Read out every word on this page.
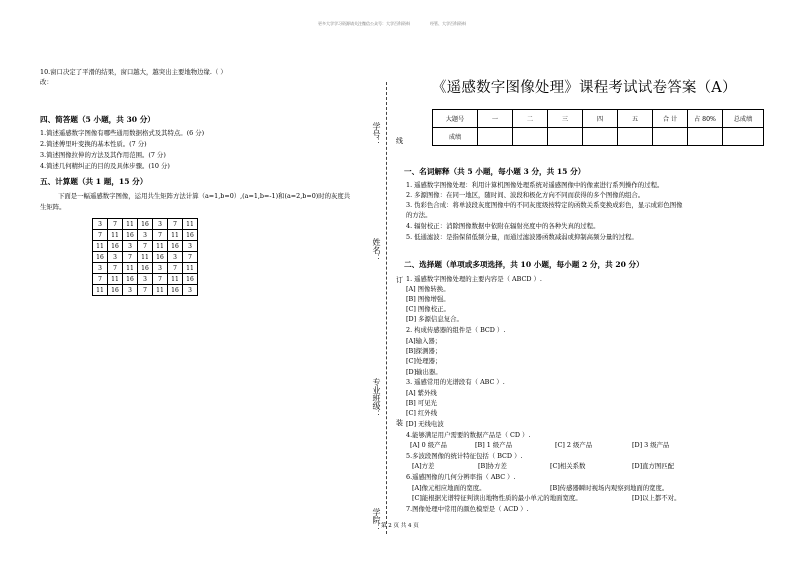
更多大学学习资源请关注微信公众号：大学百科资料	经管、大学百科资料
10.窗口决定了平滑的结果，窗口越大，越突出主要地物边缘.（ ）
改：
四、简答题（5 小题，共 30 分）
1.简述遥感数字图像有哪些通用数据格式及其特点。(6 分)
2.简述傅里叶变换的基本性质。(7 分)
3.简述图像拉伸的方法及其作用范围。(7 分)
4.简述几何精纠正的目的及具体步骤。(10 分)
五、计算题（共 1 题，15 分）
下面是一幅遥感数字图像，运用共生矩阵方法计算（a=1,b=0）,(a=1,b=-1)和(a=2,b=0)时的灰度共
生矩阵。
3	7	11	16	3	7	11
7	11	16	3	7	11	16
11	16	3	7	11	16	3
16	3	7	11	16	3	7
3	7	11	16	3	7	11
7	11	16	3	7	11	16
11	16	3	7	11	16	3
学号： 线
姓名：
订
专业班级：
装
学院：
《遥感数字图像处理》课程考试试卷答案（A）
大题号	一	二	三	四	五	合 计	占 80%	总成绩
成绩								
一、名词解释（共 5 小题，每小题 3 分，共 15 分）
1. 遥感数字图像处理：利用计算机图像处理系统对遥感图像中的像素进行系列操作的过程。
2. 多源图像：在同一地区，随时间、波段和极化方向不同而获得的多个图像的组合。
3. 伪彩色合成：将单波段灰度图像中的不同灰度级按特定的函数关系变换成彩色，显示成彩色图像
的方法。
4. 辐射校正：消除图像数据中依附在辐射亮度中的各种失真的过程。
5. 低通滤波：是指保留低频分量，而通过滤波器函数减弱或抑制高频分量的过程。
二、选择题（单项或多项选择，共 10 小题，每小题 2 分，共 20 分）
1. 遥感数字图像处理的主要内容是（ ABCD ）.
[A] 图像转换。
[B] 图像增强。
[C] 图像校正。
[D] 多源信息复合。
2. 构成传感器的组件是（ BCD ）.
[A]输入器；
[B]探测器；
[C]处理器；
[D]输出器。
3. 遥感常用的光谱段有（ ABC ）.
[A] 紫外线
[B] 可见光
[C] 红外线
[D] 无线电波
4.能够满足用户需要的数据产品是（ CD ）.
[A] 0 级产品	[B] 1 级产品	[C] 2 级产品	[D] 3 级产品
5.多波段图像的统计特征包括（ BCD ）.
[A]方差	[B]协方差	[C]相关系数	[D]直方图匹配
6.遥感图像的几何分辨率指（ ABC ）.
[A]像元相应地面的宽度。	[B]传感器瞬时视场内观察到地面的宽度。
[C]能根据光谱特征判读出地物性质的最小单元的地面宽度。	[D]以上都不对。
7.图像处理中常用的颜色模型是（ ACD ）.
第 2 页 共 4 页
